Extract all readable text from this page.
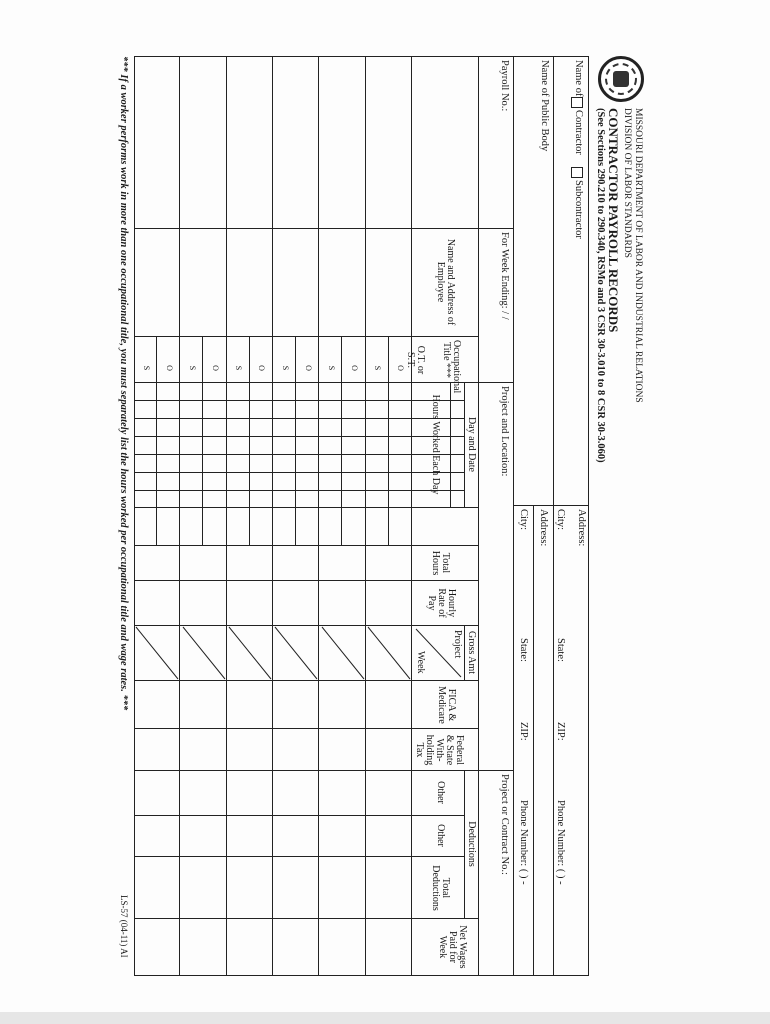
MISSOURI DEPARTMENT OF LABOR AND INDUSTRIAL RELATIONS
DIVISION OF LABOR STANDARDS
CONTRACTOR PAYROLL RECORDS
(See Sections 290.210 to 290.340, RSMo and 3 CSR 30-3.010 to 8 CSR 30-3.060)
Name of
Contractor
Subcontractor
Address:
City:
State:
ZIP:
Phone Number: ( ) -
Name of Public Body
Address:
City:
State:
ZIP:
Phone Number: ( ) -
Payroll No.:
For Week Ending: / /
Project and Location:
Project or Contract No.:
Name and Address of Employee
Occupational Title ***
O.T. or S.T.
Day and Date
Hours Worked Each Day
Total Hours
Hourly Rate of Pay
Gross Amt
Project
Week
FICA & Medicare
Federal & State With-holding Tax
Deductions
Other
Other
Total Deductions
Net Wages Paid for Week
O
S
O
S
O
S
O
S
O
S
O
S
*** If a worker performs work in more than one occupational title, you must separately list the hours worked per occupational title and wage rates. ***
LS-57 (04-11) AI
